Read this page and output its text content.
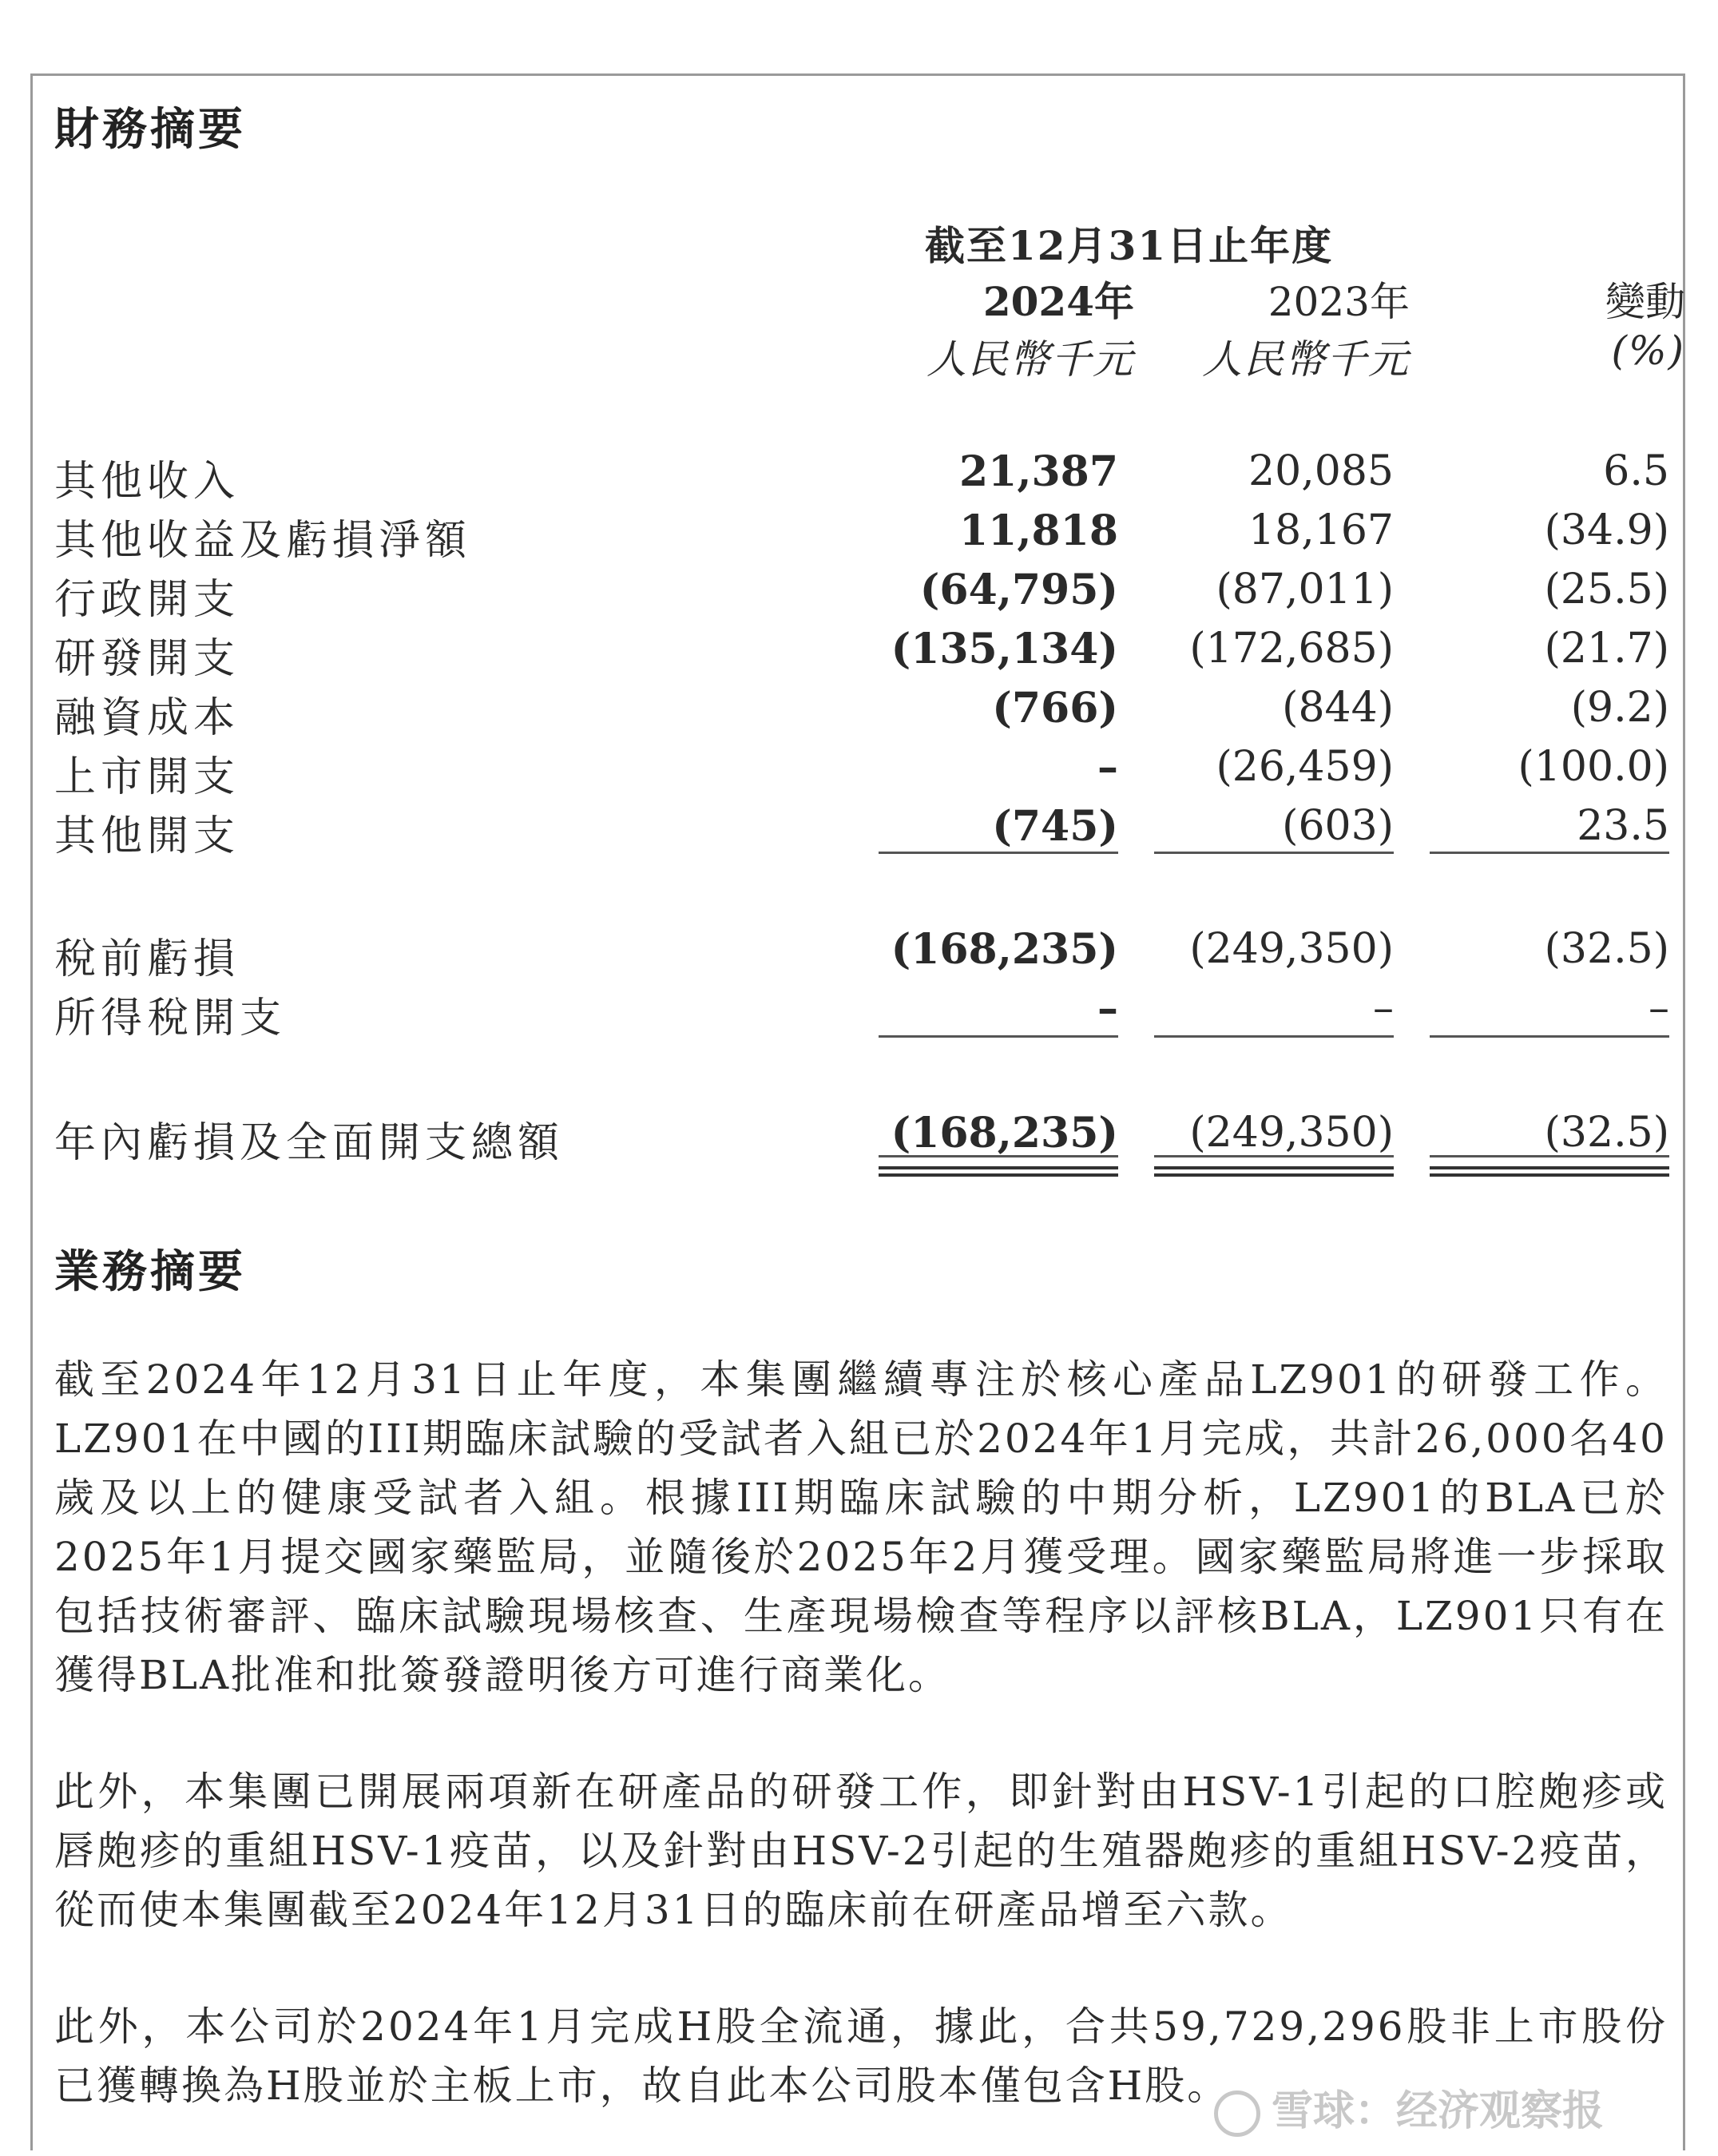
財務摘要
截至12月31日止年度
2024年	2023年	變動
人民幣千元	人民幣千元	(%)
其他收入	21,387	20,085	6.5
其他收益及虧損淨額	11,818	18,167	(34.9)
行政開支	(64,795)	(87,011)	(25.5)
研發開支	(135,134)	(172,685)	(21.7)
融資成本	(766)	(844)	(9.2)
上市開支	–	(26,459)	(100.0)
其他開支	(745)	(603)	23.5
稅前虧損	(168,235)	(249,350)	(32.5)
所得稅開支	–	–	–
年內虧損及全面開支總額	(168,235)	(249,350)	(32.5)
業務摘要

截至2024年12月31日止年度，本集團繼續專注於核心產品LZ901的研發工作。LZ901在中國的III期臨床試驗的受試者入組已於2024年1月完成，共計26,000名40歲及以上的健康受試者入組。根據III期臨床試驗的中期分析，LZ901的BLA已於2025年1月提交國家藥監局，並隨後於2025年2月獲受理。國家藥監局將進一步採取包括技術審評、臨床試驗現場核查、生產現場檢查等程序以評核BLA，LZ901只有在獲得BLA批准和批簽發證明後方可進行商業化。

此外，本集團已開展兩項新在研產品的研發工作，即針對由HSV-1引起的口腔皰疹或唇皰疹的重組HSV-1疫苗，以及針對由HSV-2引起的生殖器皰疹的重組HSV-2疫苗，從而使本集團截至2024年12月31日的臨床前在研產品增至六款。

此外，本公司於2024年1月完成H股全流通，據此，合共59,729,296股非上市股份已獲轉換為H股並於主板上市，故自此本公司股本僅包含H股。

雪球：经济观察报
